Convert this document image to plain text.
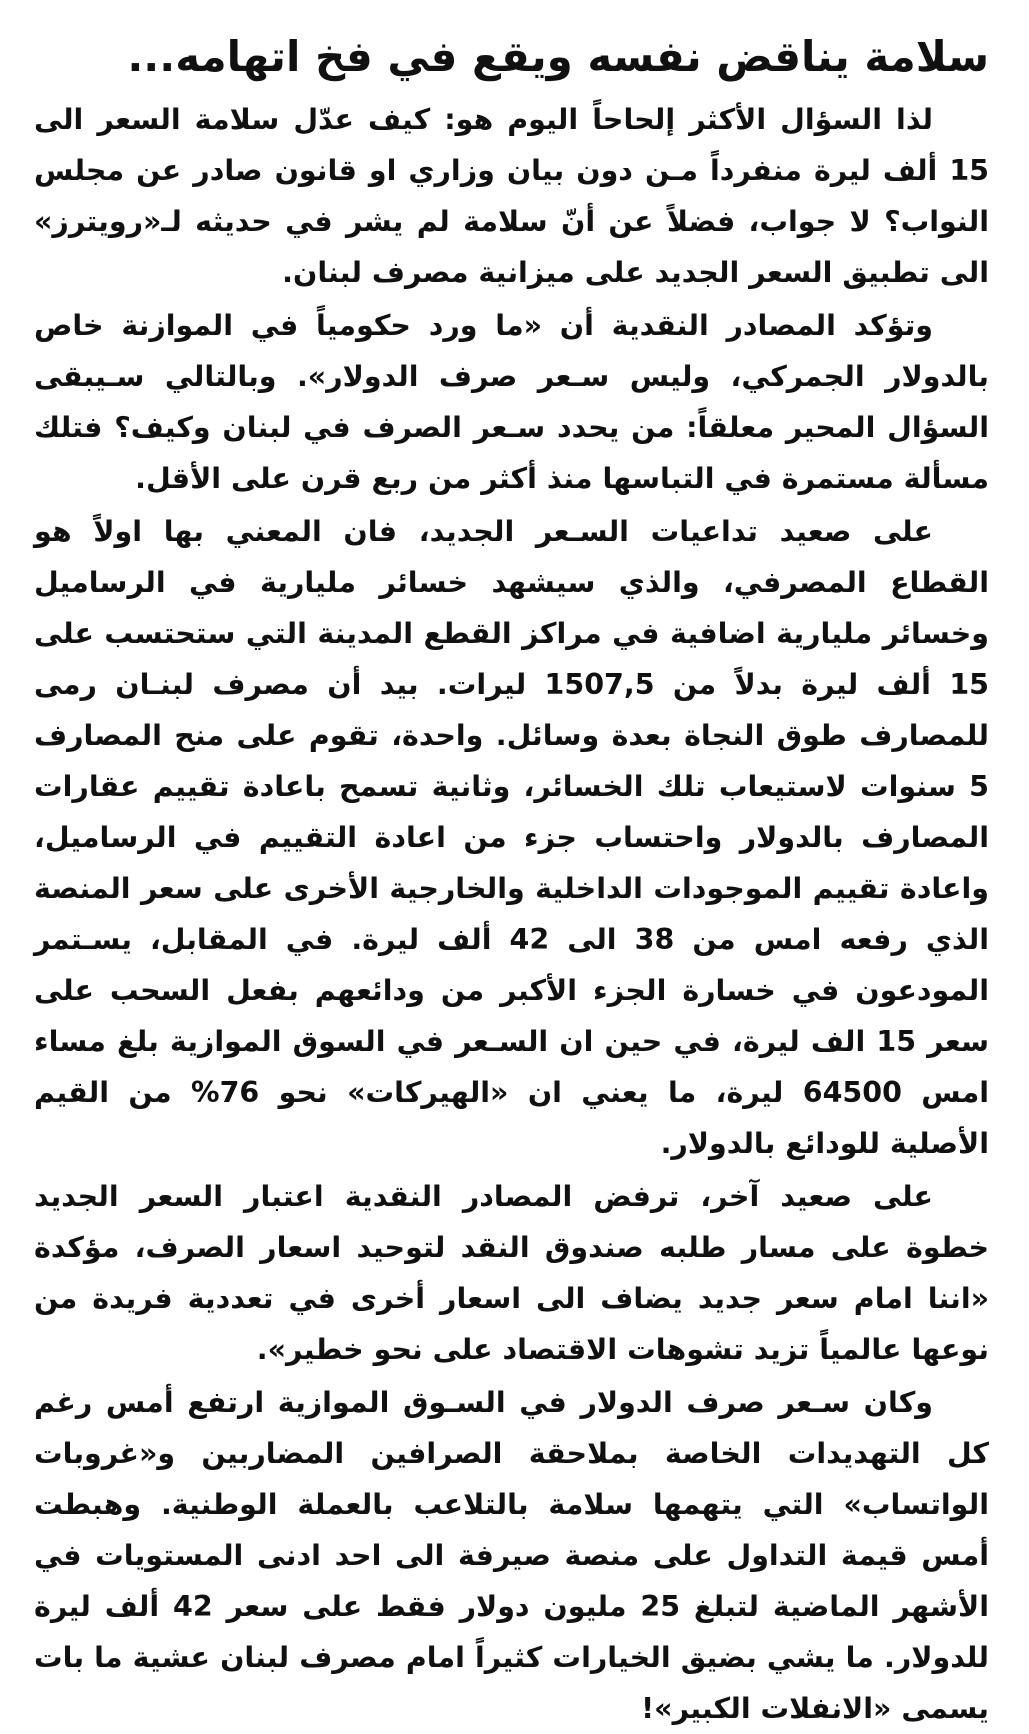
سلامة يناقض نفسه ويقع في فخ اتهامه...

لذا السؤال الأكثر إلحاحاً اليوم هو: كيف عدّل سلامة السعر الى 15 ألف ليرة منفرداً مـن دون بيان وزاري او قانون صادر عن مجلس النواب؟ لا جواب، فضلاً عن أنّ سلامة لم يشر في حديثه لـ«رويترز» الى تطبيق السعر الجديد على ميزانية مصرف لبنان.

وتؤكد المصادر النقدية أن «ما ورد حكومياً في الموازنة خاص بالدولار الجمركي، وليس سـعر صرف الدولار». وبالتالي سـيبقى السؤال المحير معلقاً: من يحدد سـعر الصرف في لبنان وكيف؟ فتلك مسألة مستمرة في التباسها منذ أكثر من ربع قرن على الأقل.

على صعيد تداعيات السـعر الجديد، فان المعني بها اولاً هو القطاع المصرفي، والذي سيشهد خسائر مليارية في الرساميل وخسائر مليارية اضافية في مراكز القطع المدينة التي ستحتسب على 15 ألف ليرة بدلاً من 1507,5 ليرات. بيد أن مصرف لبنـان رمى للمصارف طوق النجاة بعدة وسائل. واحدة، تقوم على منح المصارف 5 سنوات لاستيعاب تلك الخسائر، وثانية تسمح باعادة تقييم عقارات المصارف بالدولار واحتساب جزء من اعادة التقييم في الرساميل، واعادة تقييم الموجودات الداخلية والخارجية الأخرى على سعر المنصة الذي رفعه امس من 38 الى 42 ألف ليرة. في المقابل، يسـتمر المودعون في خسارة الجزء الأكبر من ودائعهم بفعل السحب على سعر 15 الف ليرة، في حين ان السـعر في السوق الموازية بلغ مساء امس 64500 ليرة، ما يعني ان «الهيركات» نحو 76% من القيم الأصلية للودائع بالدولار.

على صعيد آخر، ترفض المصادر النقدية اعتبار السعر الجديد خطوة على مسار طلبه صندوق النقد لتوحيد اسعار الصرف، مؤكدة «اننا امام سعر جديد يضاف الى اسعار أخرى في تعددية فريدة من نوعها عالمياً تزيد تشوهات الاقتصاد على نحو خطير».

وكان سـعر صرف الدولار في السـوق الموازية ارتفع أمس رغم كل التهديدات الخاصة بملاحقة الصرافين المضاربين و«غروبات الواتساب» التي يتهمها سلامة بالتلاعب بالعملة الوطنية. وهبطت أمس قيمة التداول على منصة صيرفة الى احد ادنى المستويات في الأشهر الماضية لتبلغ 25 مليون دولار فقط على سعر 42 ألف ليرة للدولار. ما يشي بضيق الخيارات كثيراً امام مصرف لبنان عشية ما بات يسمى «الانفلات الكبير»!
